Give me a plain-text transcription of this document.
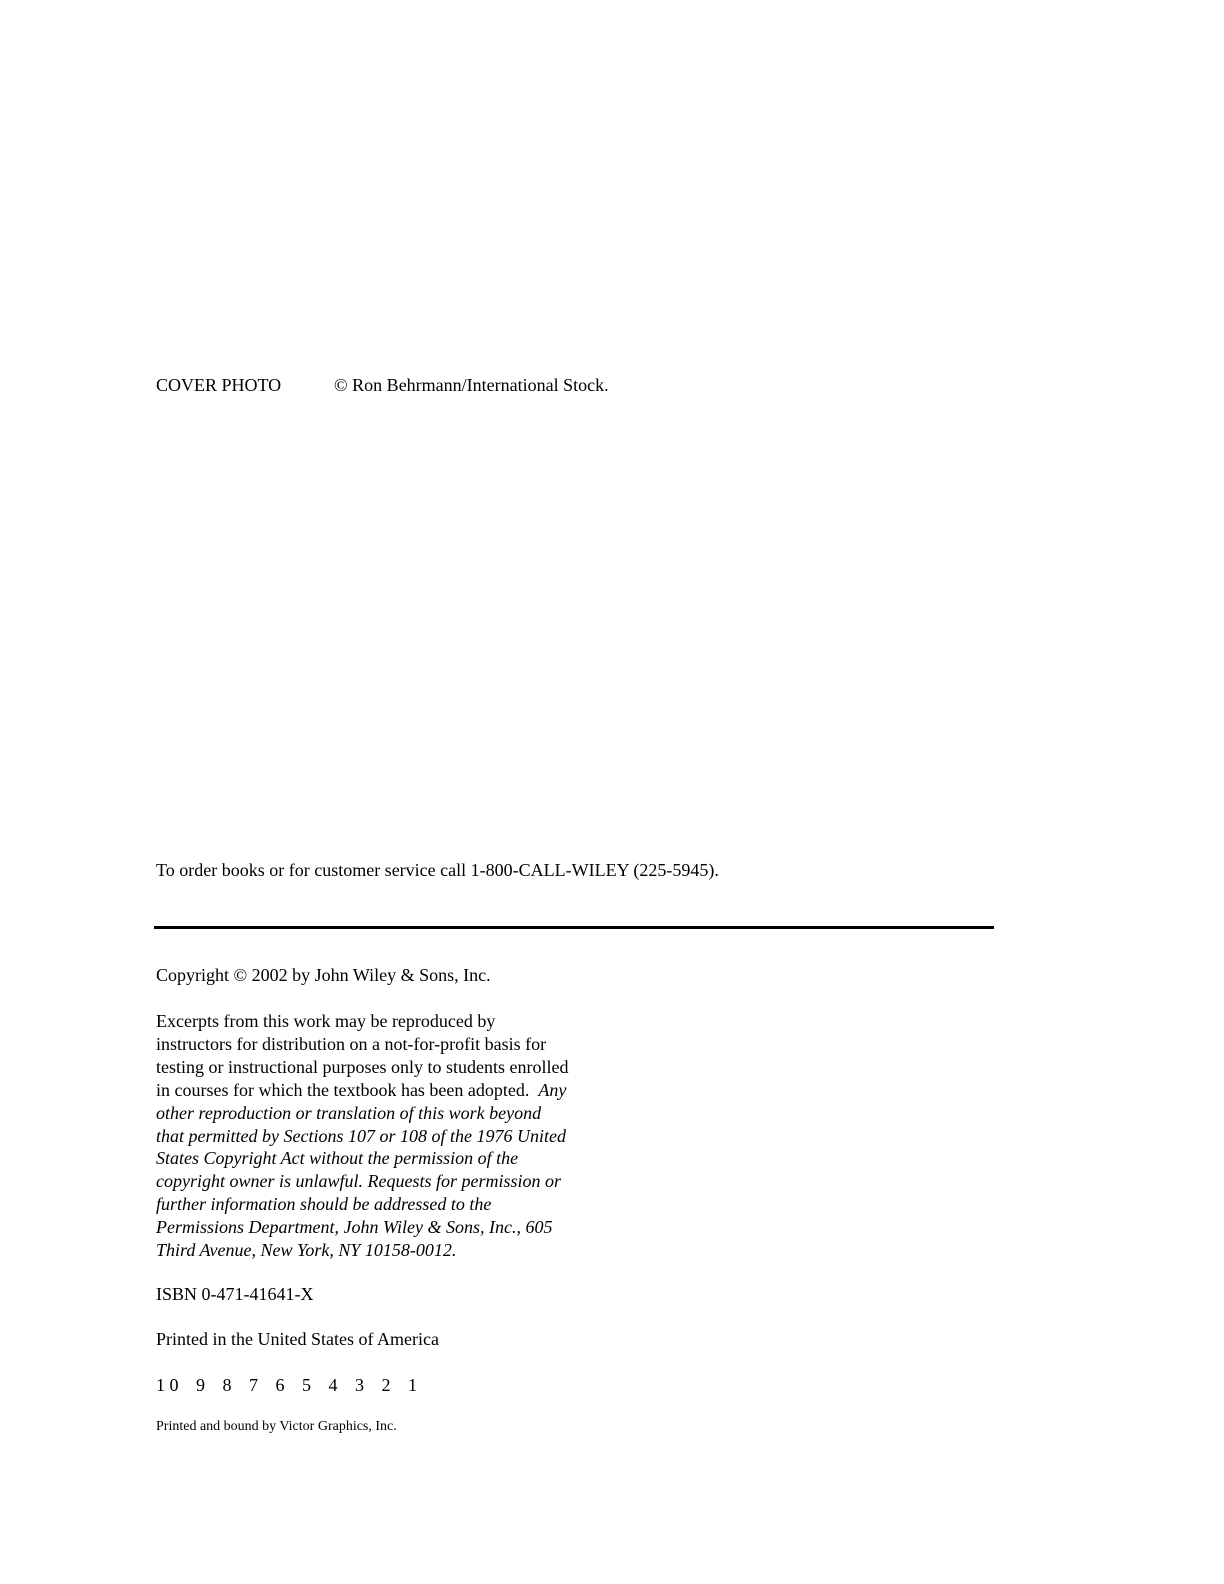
COVER PHOTO	© Ron Behrmann/International Stock.
To order books or for customer service call 1-800-CALL-WILEY (225-5945).
Copyright © 2002 by John Wiley & Sons, Inc.
Excerpts from this work may be reproduced by
instructors for distribution on a not-for-profit basis for
testing or instructional purposes only to students enrolled
in courses for which the textbook has been adopted. Any
other reproduction or translation of this work beyond
that permitted by Sections 107 or 108 of the 1976 United
States Copyright Act without the permission of the
copyright owner is unlawful. Requests for permission or
further information should be addressed to the
Permissions Department, John Wiley & Sons, Inc., 605
Third Avenue, New York, NY 10158-0012.
ISBN 0-471-41641-X
Printed in the United States of America
1 0 9 8 7 6 5 4 3 2 1
Printed and bound by Victor Graphics, Inc.
